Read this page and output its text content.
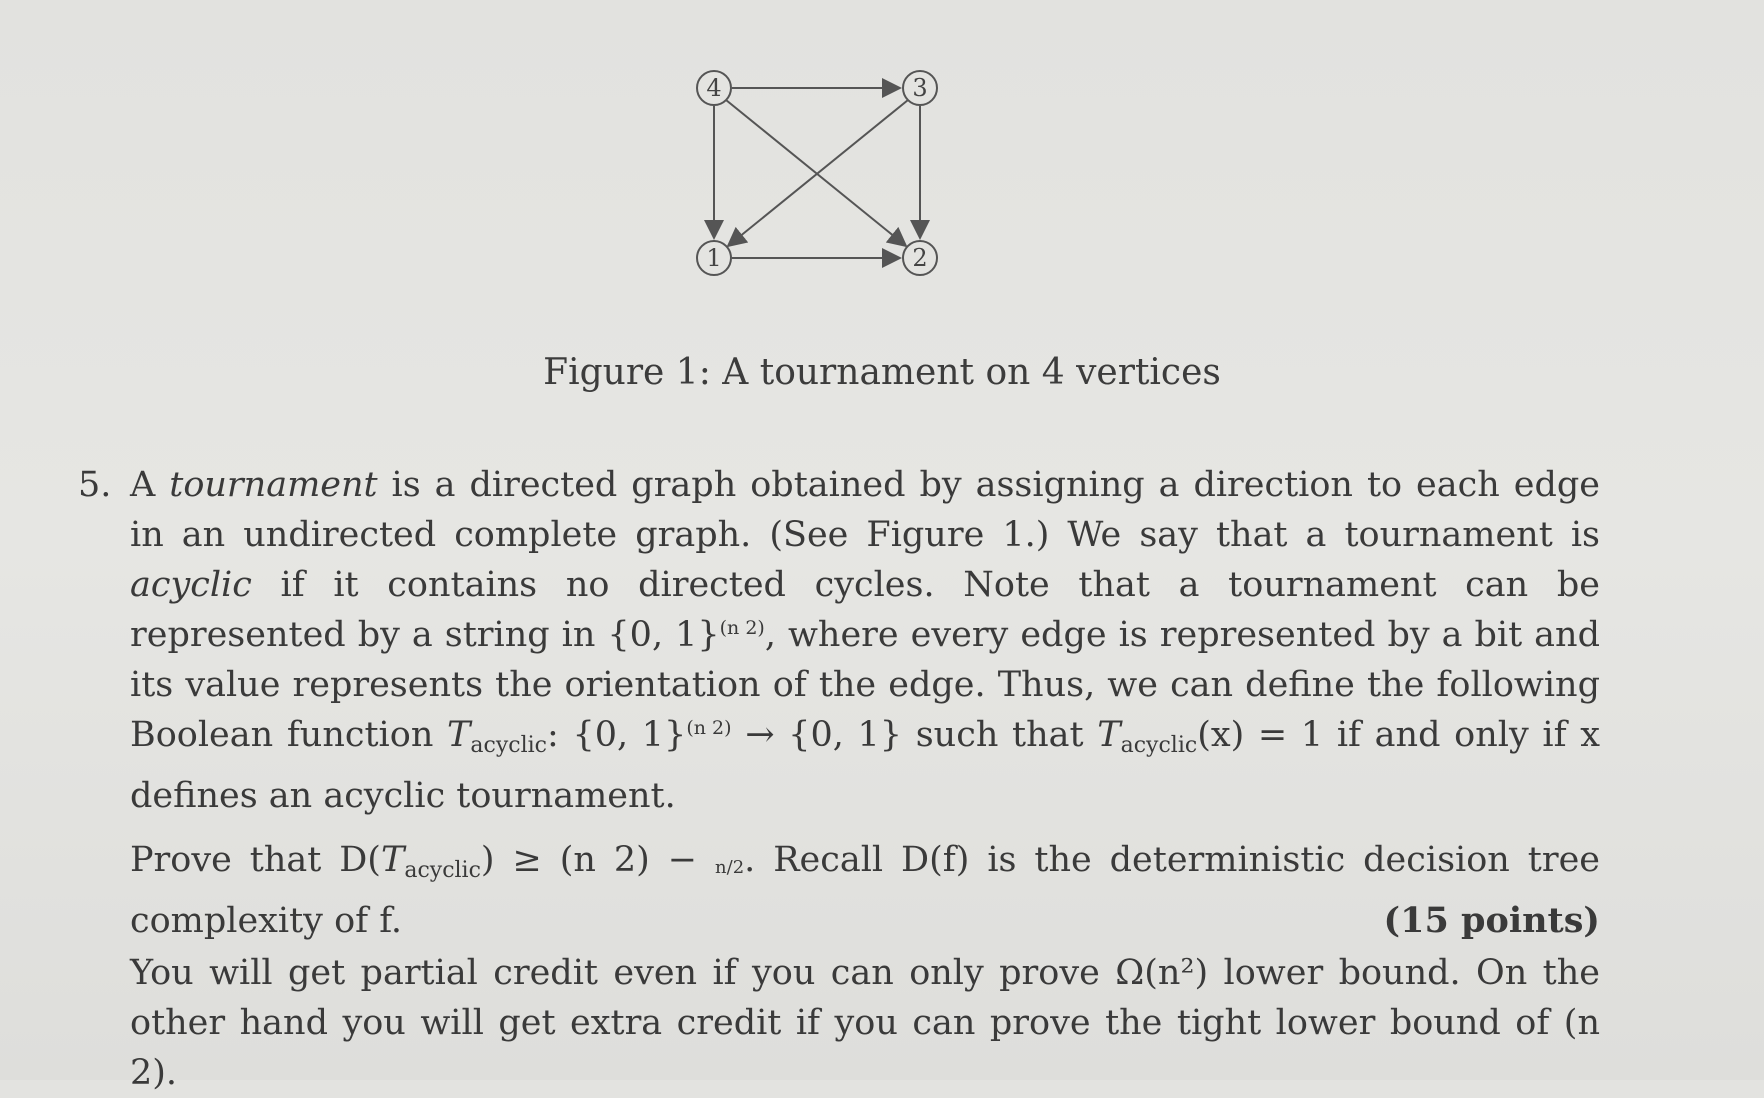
4	3
1	2
Figure 1: A tournament on 4 vertices
5. A tournament is a directed graph obtained by assigning a direction to each edge in an undirected complete graph. (See Figure 1.) We say that a tournament is acyclic if it contains no directed cycles. Note that a tournament can be represented by a string in {0, 1}(n 2), where every edge is represented by a bit and its value represents the orientation of the edge. Thus, we can define the following Boolean function $T_{acyclic}$: {0, 1}(n 2) → {0, 1} such that $T_{acyclic}(x) = 1$ if and only if x defines an acyclic tournament.

Prove that $D(T_{acyclic}) \ge (n$ 2) − n/2. Recall D(f) is the deterministic decision tree complexity of f.	(15 points)

You will get partial credit even if you can only prove Ω(n²) lower bound. On the other hand you will get extra credit if you can prove the tight lower bound of (n 2).
